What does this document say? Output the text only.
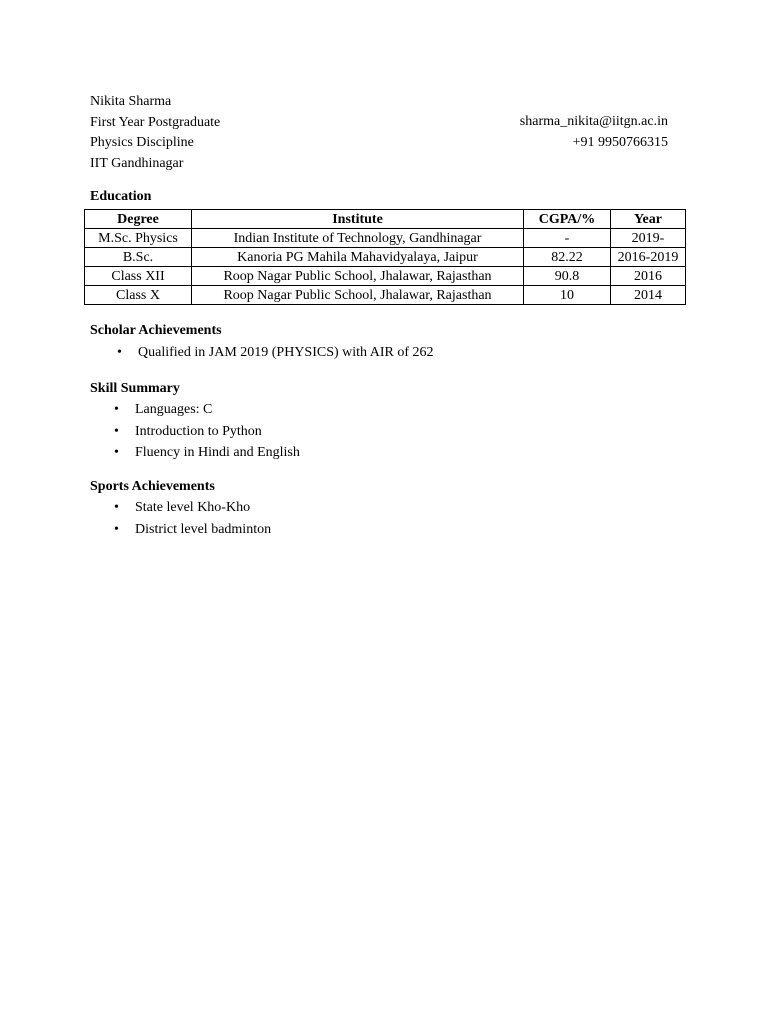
Nikita Sharma
First Year Postgraduate
Physics Discipline
IIT Gandhinagar
sharma_nikita@iitgn.ac.in
+91 9950766315
Education
Degree	Institute	CGPA/%	Year
M.Sc. Physics	Indian Institute of Technology, Gandhinagar	-	2019-
B.Sc.	Kanoria PG Mahila Mahavidyalaya, Jaipur	82.22	2016-2019
Class XII	Roop Nagar Public School, Jhalawar, Rajasthan	90.8	2016
Class X	Roop Nagar Public School, Jhalawar, Rajasthan	10	2014
Scholar Achievements
• Qualified in JAM 2019 (PHYSICS) with AIR of 262
Skill Summary
• Languages: C
• Introduction to Python
• Fluency in Hindi and English
Sports Achievements
• State level Kho-Kho
• District level badminton
